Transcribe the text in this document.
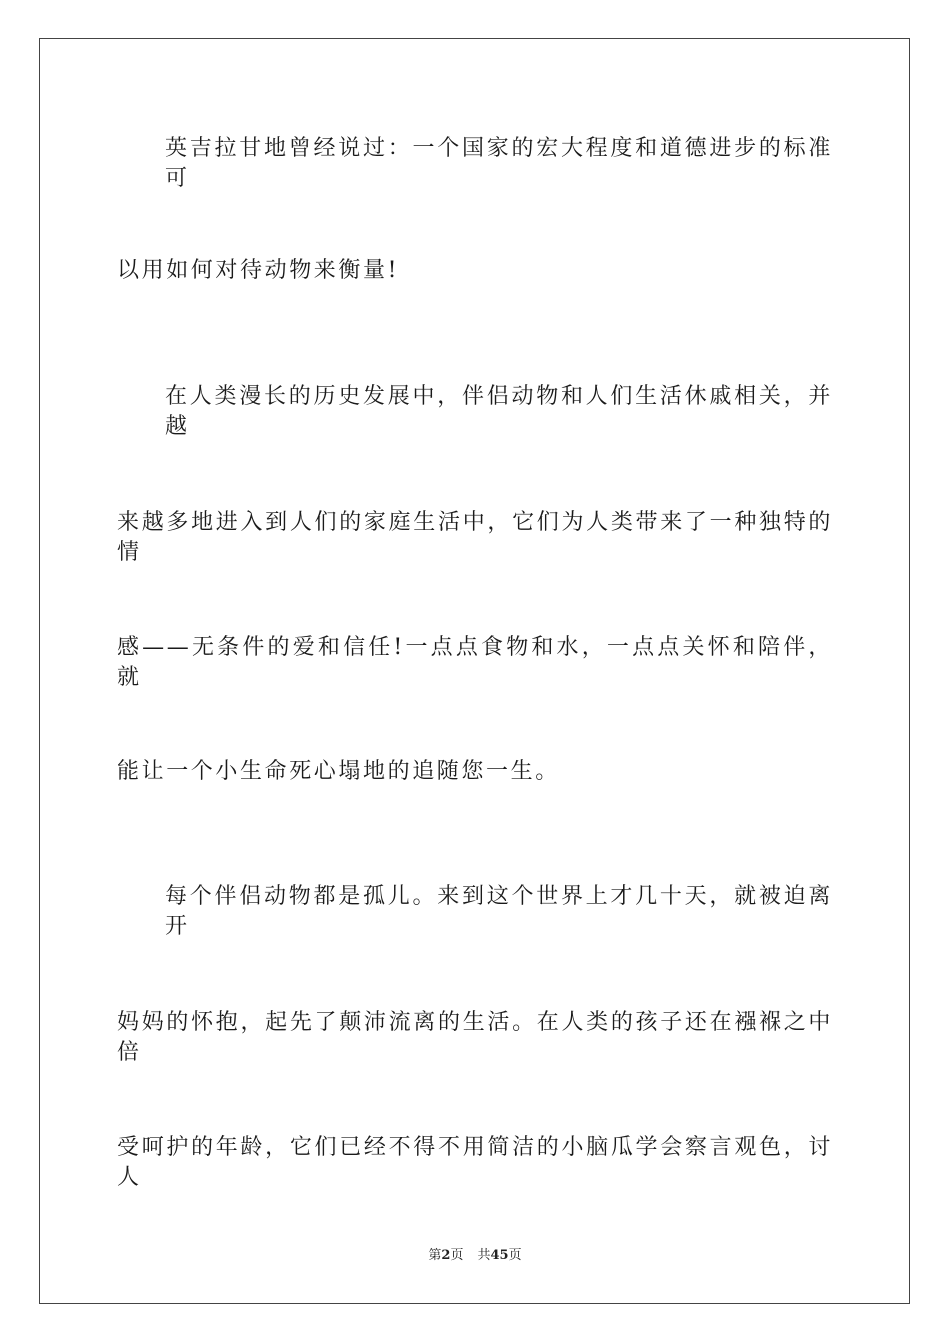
英吉拉甘地曾经说过：一个国家的宏大程度和道德进步的标准可
以用如何对待动物来衡量!
在人类漫长的历史发展中，伴侣动物和人们生活休戚相关，并越
来越多地进入到人们的家庭生活中，它们为人类带来了一种独特的情
感——无条件的爱和信任!一点点食物和水，一点点关怀和陪伴，就
能让一个小生命死心塌地的追随您一生。
每个伴侣动物都是孤儿。来到这个世界上才几十天，就被迫离开
妈妈的怀抱，起先了颠沛流离的生活。在人类的孩子还在襁褓之中倍
受呵护的年龄，它们已经不得不用简洁的小脑瓜学会察言观色，讨人
第2页 共45页
